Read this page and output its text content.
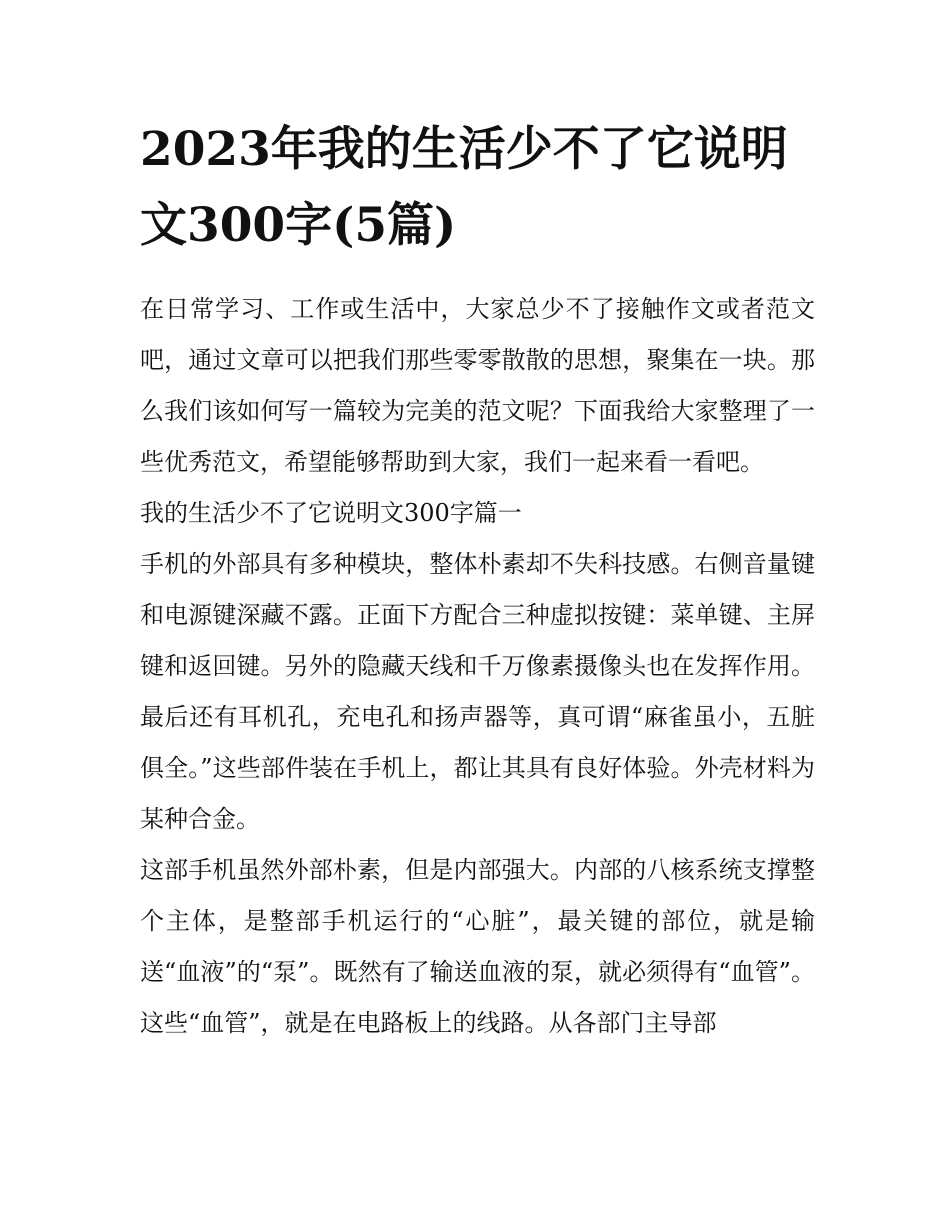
2023年我的生活少不了它说明文300字(5篇)

在日常学习、工作或生活中，大家总少不了接触作文或者范文吧，通过文章可以把我们那些零零散散的思想，聚集在一块。那么我们该如何写一篇较为完美的范文呢？下面我给大家整理了一些优秀范文，希望能够帮助到大家，我们一起来看一看吧。

我的生活少不了它说明文300字篇一

手机的外部具有多种模块，整体朴素却不失科技感。右侧音量键和电源键深藏不露。正面下方配合三种虚拟按键：菜单键、主屏键和返回键。另外的隐藏天线和千万像素摄像头也在发挥作用。最后还有耳机孔，充电孔和扬声器等，真可谓“麻雀虽小，五脏俱全。”这些部件装在手机上，都让其具有良好体验。外壳材料为某种合金。

这部手机虽然外部朴素，但是内部强大。内部的八核系统支撑整个主体，是整部手机运行的“心脏”，最关键的部位，就是输送“血液”的“泵”。既然有了输送血液的泵，就必须得有“血管”。这些“血管”，就是在电路板上的线路。从各部门主导部
